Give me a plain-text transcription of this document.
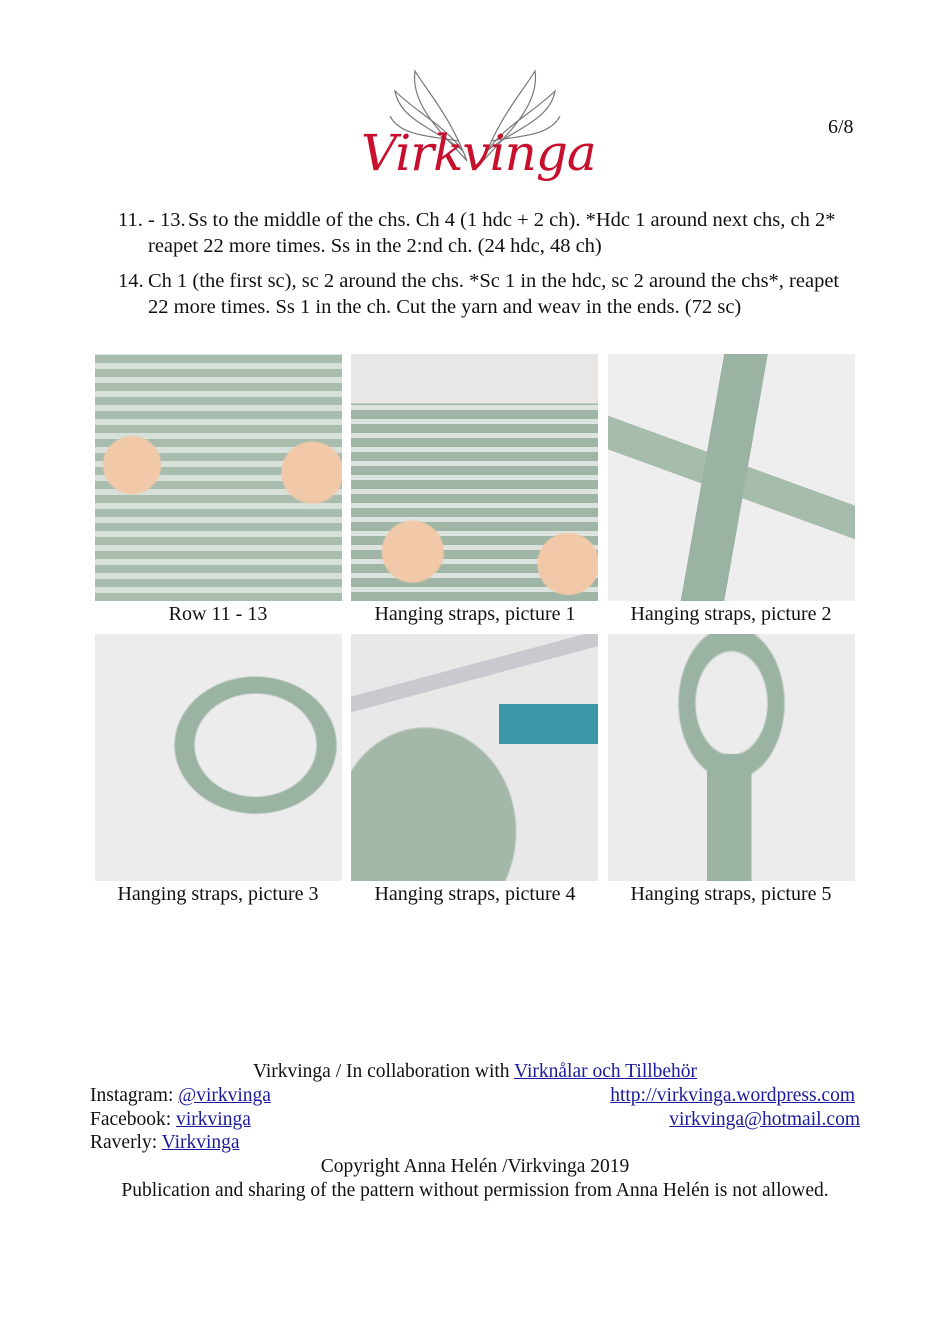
Virkvinga	6/8
11. - 13. Ss to the middle of the chs. Ch 4 (1 hdc + 2 ch). *Hdc 1 around next chs, ch 2* reapet 22 more times. Ss in the 2:nd ch. (24 hdc, 48 ch)
14. Ch 1 (the first sc), sc 2 around the chs. *Sc 1 in the hdc, sc 2 around the chs*, reapet 22 more times. Ss 1 in the ch. Cut the yarn and weav in the ends. (72 sc)
Row 11 - 13	Hanging straps, picture 1	Hanging straps, picture 2
Hanging straps, picture 3	Hanging straps, picture 4	Hanging straps, picture 5
Virkvinga / In collaboration with Virknålar och Tillbehör
Instagram: @virkvinga
Facebook: virkvinga
Raverly: Virkvinga
http://virkvinga.wordpress.com
virkvinga@hotmail.com
Copyright Anna Helén /Virkvinga 2019
Publication and sharing of the pattern without permission from Anna Helén is not allowed.
